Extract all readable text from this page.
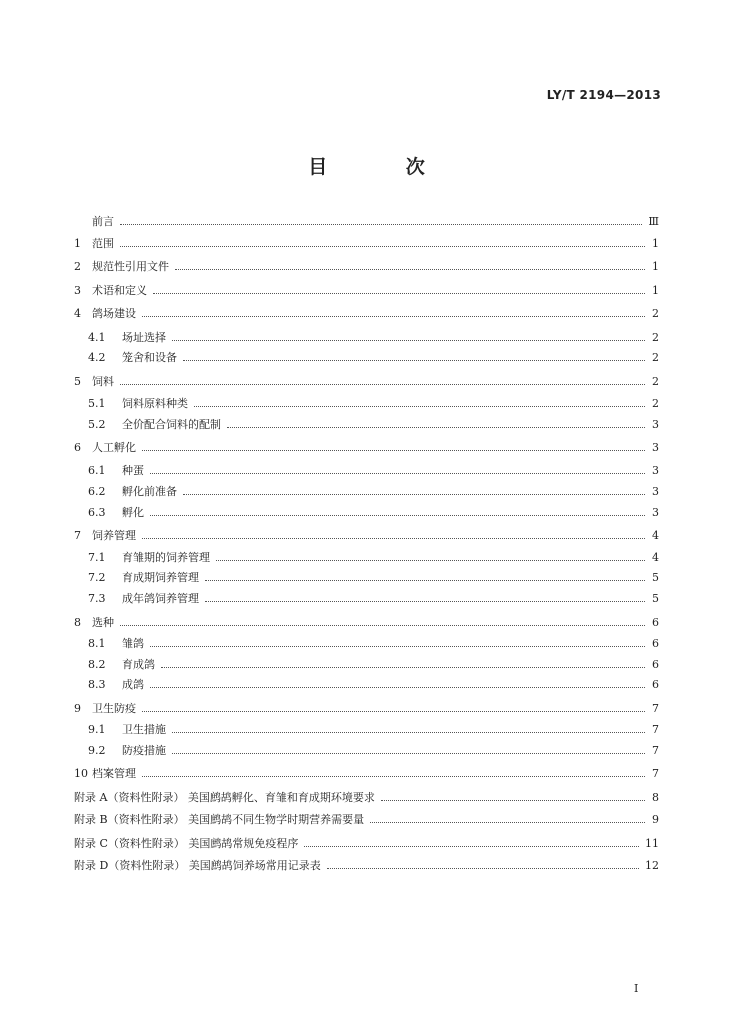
LY/T 2194—2013
目 次
前言	Ⅲ
1	范围	1
2	规范性引用文件	1
3	术语和定义	1
4	鸽场建设	2
4.1	场址选择	2
4.2	笼舍和设备	2
5	饲料	2
5.1	饲料原料种类	2
5.2	全价配合饲料的配制	3
6	人工孵化	3
6.1	种蛋	3
6.2	孵化前准备	3
6.3	孵化	3
7	饲养管理	4
7.1	育雏期的饲养管理	4
7.2	育成期饲养管理	5
7.3	成年鸽饲养管理	5
8	选种	6
8.1	雏鸽	6
8.2	育成鸽	6
8.3	成鸽	6
9	卫生防疫	7
9.1	卫生措施	7
9.2	防疫措施	7
10 档案管理	7
附录 A（资料性附录） 美国鹧鸪孵化、育雏和育成期环境要求	8
附录 B（资料性附录） 美国鹧鸪不同生物学时期营养需要量	9
附录 C（资料性附录） 美国鹧鸪常规免疫程序	11
附录 D（资料性附录） 美国鹧鸪饲养场常用记录表	12
I
